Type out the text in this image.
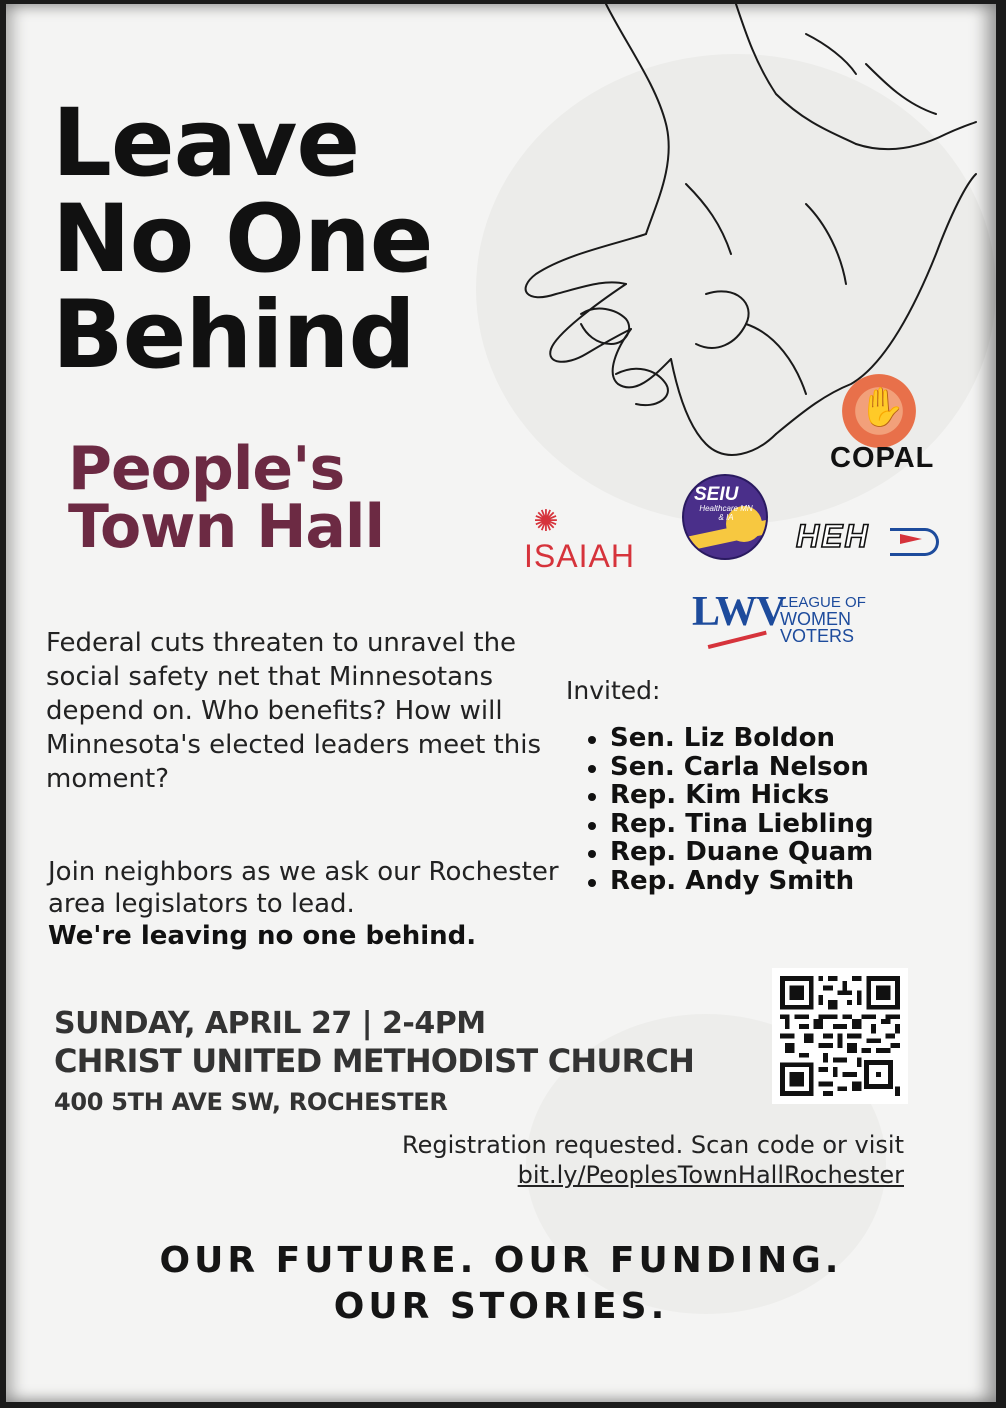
Leave
No One
Behind
People's
Town Hall
✋
COPAL
✺
ISAIAH
SEIU
Healthcare MN & IA
HEH
LWV
LEAGUE OF
WOMEN VOTERS

Federal cuts threaten to unravel the social safety net that Minnesotans depend on. Who benefits? How will Minnesota's elected leaders meet this moment?

Join neighbors as we ask our Rochester area legislators to lead.
We're leaving no one behind.

Invited:
Sen. Liz Boldon
Sen. Carla Nelson
Rep. Kim Hicks
Rep. Tina Liebling
Rep. Duane Quam
Rep. Andy Smith
SUNDAY, APRIL 27 | 2-4PM
CHRIST UNITED METHODIST CHURCH
400 5TH AVE SW, ROCHESTER
Registration requested. Scan code or visit
bit.ly/PeoplesTownHallRochester

OUR FUTURE. OUR FUNDING.
OUR STORIES.
